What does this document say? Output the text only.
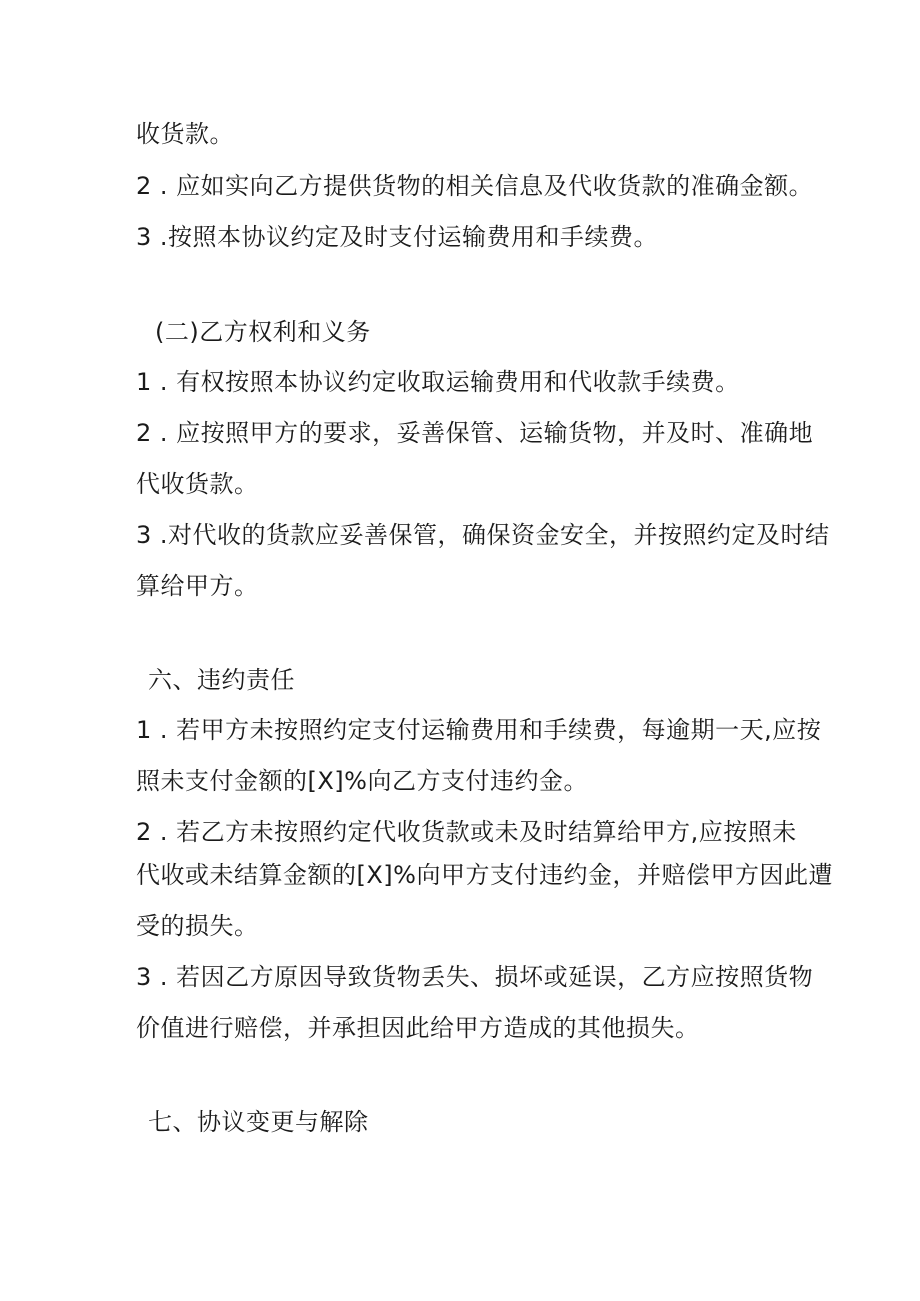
收货款。
2 . 应如实向乙方提供货物的相关信息及代收货款的准确金额。
3 .按照本协议约定及时支付运输费用和手续费。
(二)乙方权利和义务
1 . 有权按照本协议约定收取运输费用和代收款手续费。
2 . 应按照甲方的要求，妥善保管、运输货物，并及时、准确地
代收货款。
3 .对代收的货款应妥善保管，确保资金安全，并按照约定及时结
算给甲方。
六、违约责任
1 . 若甲方未按照约定支付运输费用和手续费，每逾期一天,应按
照未支付金额的[X]%向乙方支付违约金。
2 . 若乙方未按照约定代收货款或未及时结算给甲方,应按照未
代收或未结算金额的[X]%向甲方支付违约金，并赔偿甲方因此遭
受的损失。
3 . 若因乙方原因导致货物丢失、损坏或延误，乙方应按照货物
价值进行赔偿，并承担因此给甲方造成的其他损失。
七、协议变更与解除
